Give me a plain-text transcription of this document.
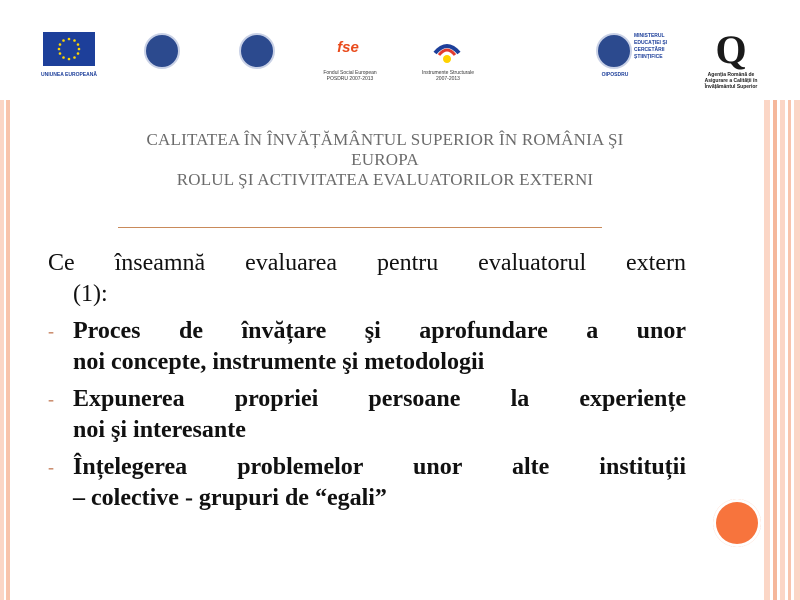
UNIUNEA EUROPEANĂ
fse
Fondul Social European
POSDRU 2007-2013
Instrumente Structurale
2007-2013
MINISTERUL
EDUCAȚIEI ȘI
CERCETĂRII
ȘTIINȚIFICE
OIPOSDRU
Q
Agenția Română de
Asigurare a Calității în
Învățământul Superior
CALITATEA ÎN ÎNVĂȚĂMÂNTUL SUPERIOR ÎN ROMÂNIA ŞI
EUROPA
ROLUL ŞI ACTIVITATEA EVALUATORILOR EXTERNI
Ce înseamnă evaluarea pentru evaluatorul extern
(1):
- Proces de învățare şi aprofundare a unor
noi concepte, instrumente şi metodologii
- Expunerea propriei persoane la experiențe
noi şi interesante
- Înțelegerea problemelor unor alte instituții
– colective - grupuri de “egali”
